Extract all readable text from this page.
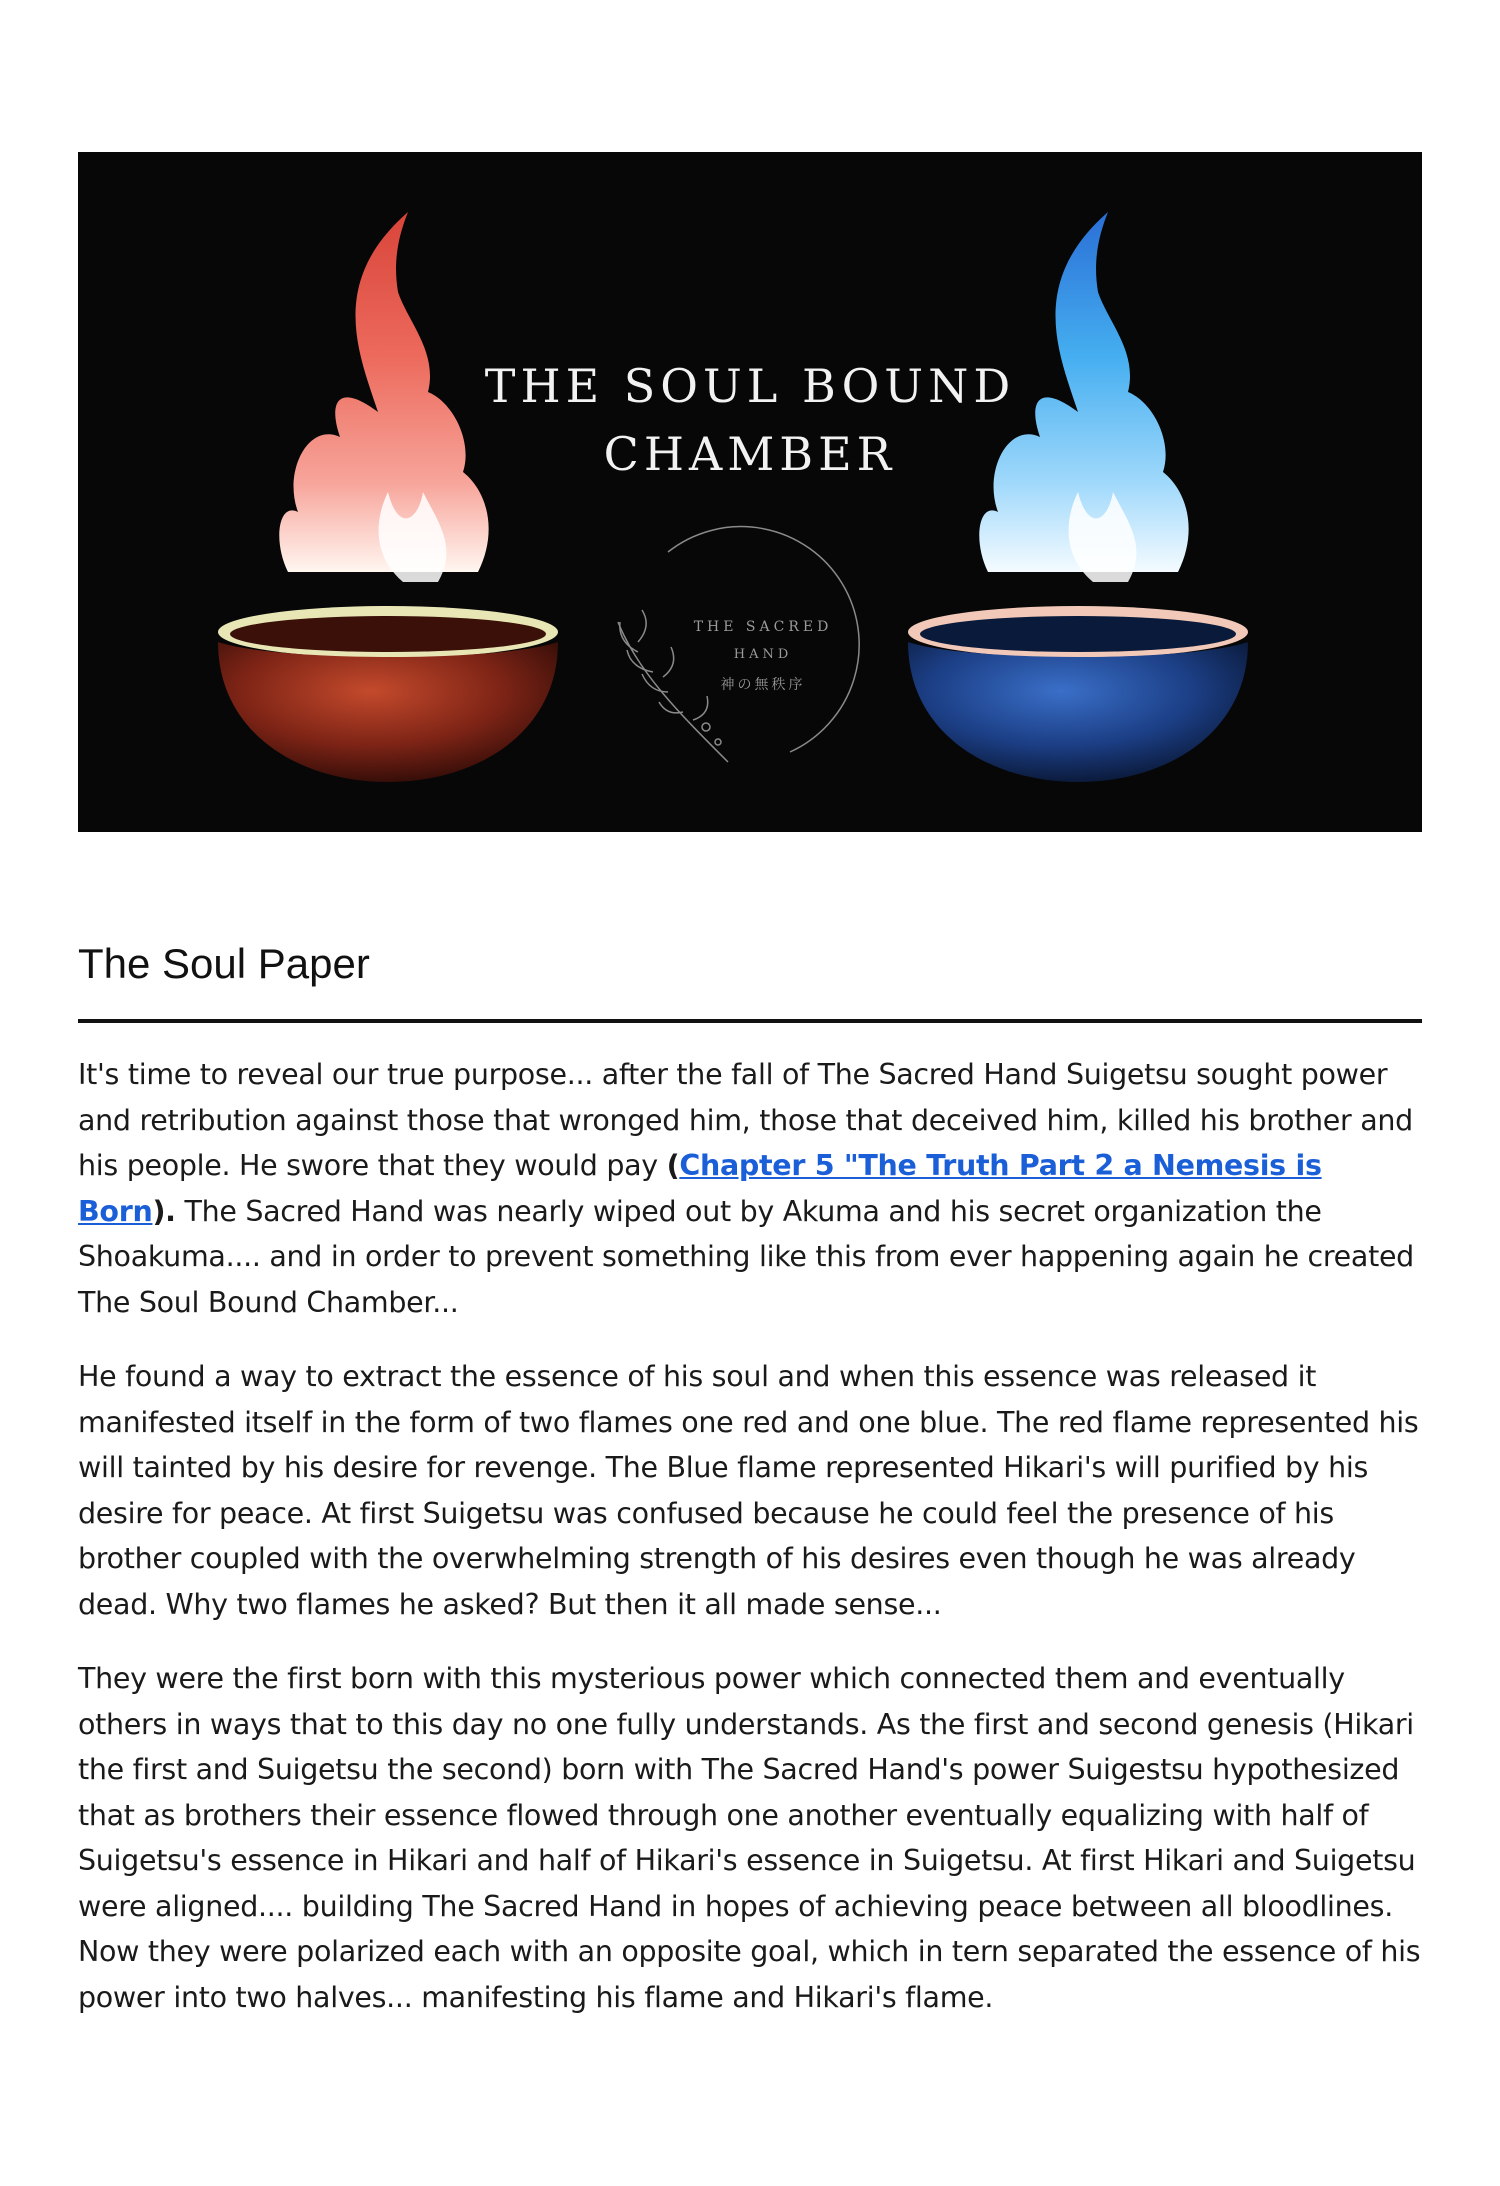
THE SOUL BOUND
CHAMBER
THE SACRED
HAND
神の無秩序
The Soul Paper

It's time to reveal our true purpose... after the fall of The Sacred Hand Suigetsu sought power and retribution against those that wronged him, those that deceived him, killed his brother and his people. He swore that they would pay (Chapter 5 "The Truth Part 2 a Nemesis is Born). The Sacred Hand was nearly wiped out by Akuma and his secret organization the Shoakuma.... and in order to prevent something like this from ever happening again he created The Soul Bound Chamber...

He found a way to extract the essence of his soul and when this essence was released it manifested itself in the form of two flames one red and one blue. The red flame represented his will tainted by his desire for revenge. The Blue flame represented Hikari's will purified by his desire for peace. At first Suigetsu was confused because he could feel the presence of his brother coupled with the overwhelming strength of his desires even though he was already dead. Why two flames he asked? But then it all made sense...

They were the first born with this mysterious power which connected them and eventually others in ways that to this day no one fully understands. As the first and second genesis (Hikari the first and Suigetsu the second) born with The Sacred Hand's power Suigestsu hypothesized that as brothers their essence flowed through one another eventually equalizing with half of Suigetsu's essence in Hikari and half of Hikari's essence in Suigetsu. At first Hikari and Suigetsu were aligned.... building The Sacred Hand in hopes of achieving peace between all bloodlines. Now they were polarized each with an opposite goal, which in tern separated the essence of his power into two halves... manifesting his flame and Hikari's flame.
